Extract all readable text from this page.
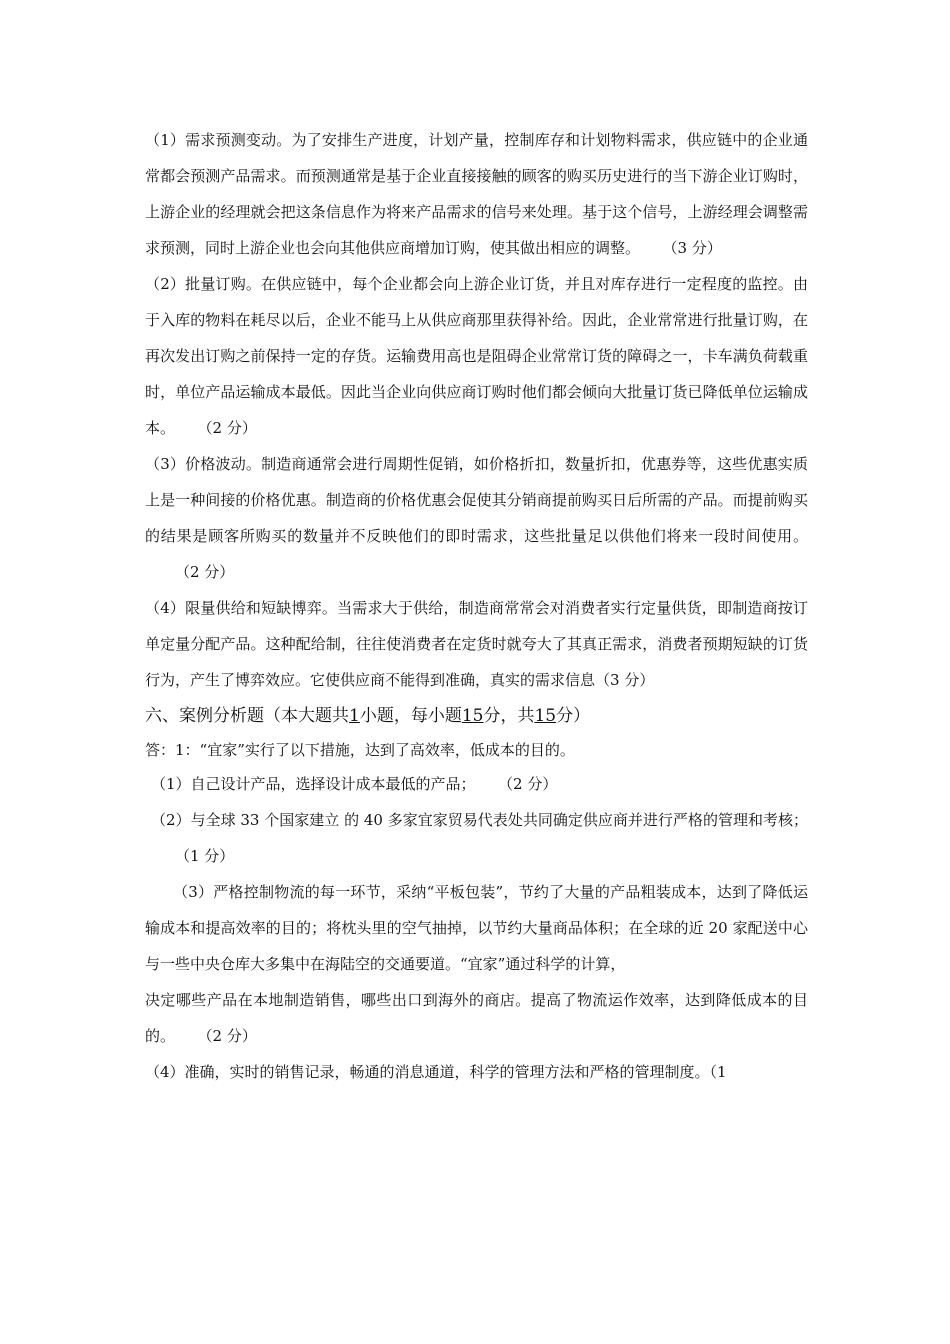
（1）需求预测变动。为了安排生产进度，计划产量，控制库存和计划物料需求，供应链中的企业通常都会预测产品需求。而预测通常是基于企业直接接触的顾客的购买历史进行的当下游企业订购时，上游企业的经理就会把这条信息作为将来产品需求的信号来处理。基于这个信号，上游经理会调整需求预测，同时上游企业也会向其他供应商增加订购，使其做出相应的调整。 （3 分）

（2）批量订购。在供应链中，每个企业都会向上游企业订货，并且对库存进行一定程度的监控。由于入库的物料在耗尽以后，企业不能马上从供应商那里获得补给。因此，企业常常进行批量订购，在再次发出订购之前保持一定的存货。运输费用高也是阻碍企业常常订货的障碍之一，卡车满负荷载重时，单位产品运输成本最低。因此当企业向供应商订购时他们都会倾向大批量订货已降低单位运输成本。 （2 分）

（3）价格波动。制造商通常会进行周期性促销，如价格折扣，数量折扣，优惠券等，这些优惠实质上是一种间接的价格优惠。制造商的价格优惠会促使其分销商提前购买日后所需的产品。而提前购买的结果是顾客所购买的数量并不反映他们的即时需求，这些批量足以供他们将来一段时间使用。（2 分）

（4）限量供给和短缺博弈。当需求大于供给，制造商常常会对消费者实行定量供货，即制造商按订单定量分配产品。这种配给制，往往使消费者在定货时就夸大了其真正需求，消费者预期短缺的订货行为，产生了博弈效应。它使供应商不能得到准确，真实的需求信息（3 分）

六、案例分析题（本大题共1小题，每小题15分，共15分）

答：1：“宜家”实行了以下措施，达到了高效率，低成本的目的。

（1）自己设计产品，选择设计成本最低的产品； （2 分）

（2）与全球 33 个国家建立 的 40 多家宜家贸易代表处共同确定供应商并进行严格的管理和考核；（1 分）

（3）严格控制物流的每一环节，采纳“平板包装”，节约了大量的产品粗装成本，达到了降低运输成本和提高效率的目的；将枕头里的空气抽掉，以节约大量商品体积；在全球的近 20 家配送中心与一些中央仓库大多集中在海陆空的交通要道。“宜家”通过科学的计算，

决定哪些产品在本地制造销售，哪些出口到海外的商店。提高了物流运作效率，达到降低成本的目的。 （2 分）

（4）准确，实时的销售记录，畅通的消息通道，科学的管理方法和严格的管理制度。（1
